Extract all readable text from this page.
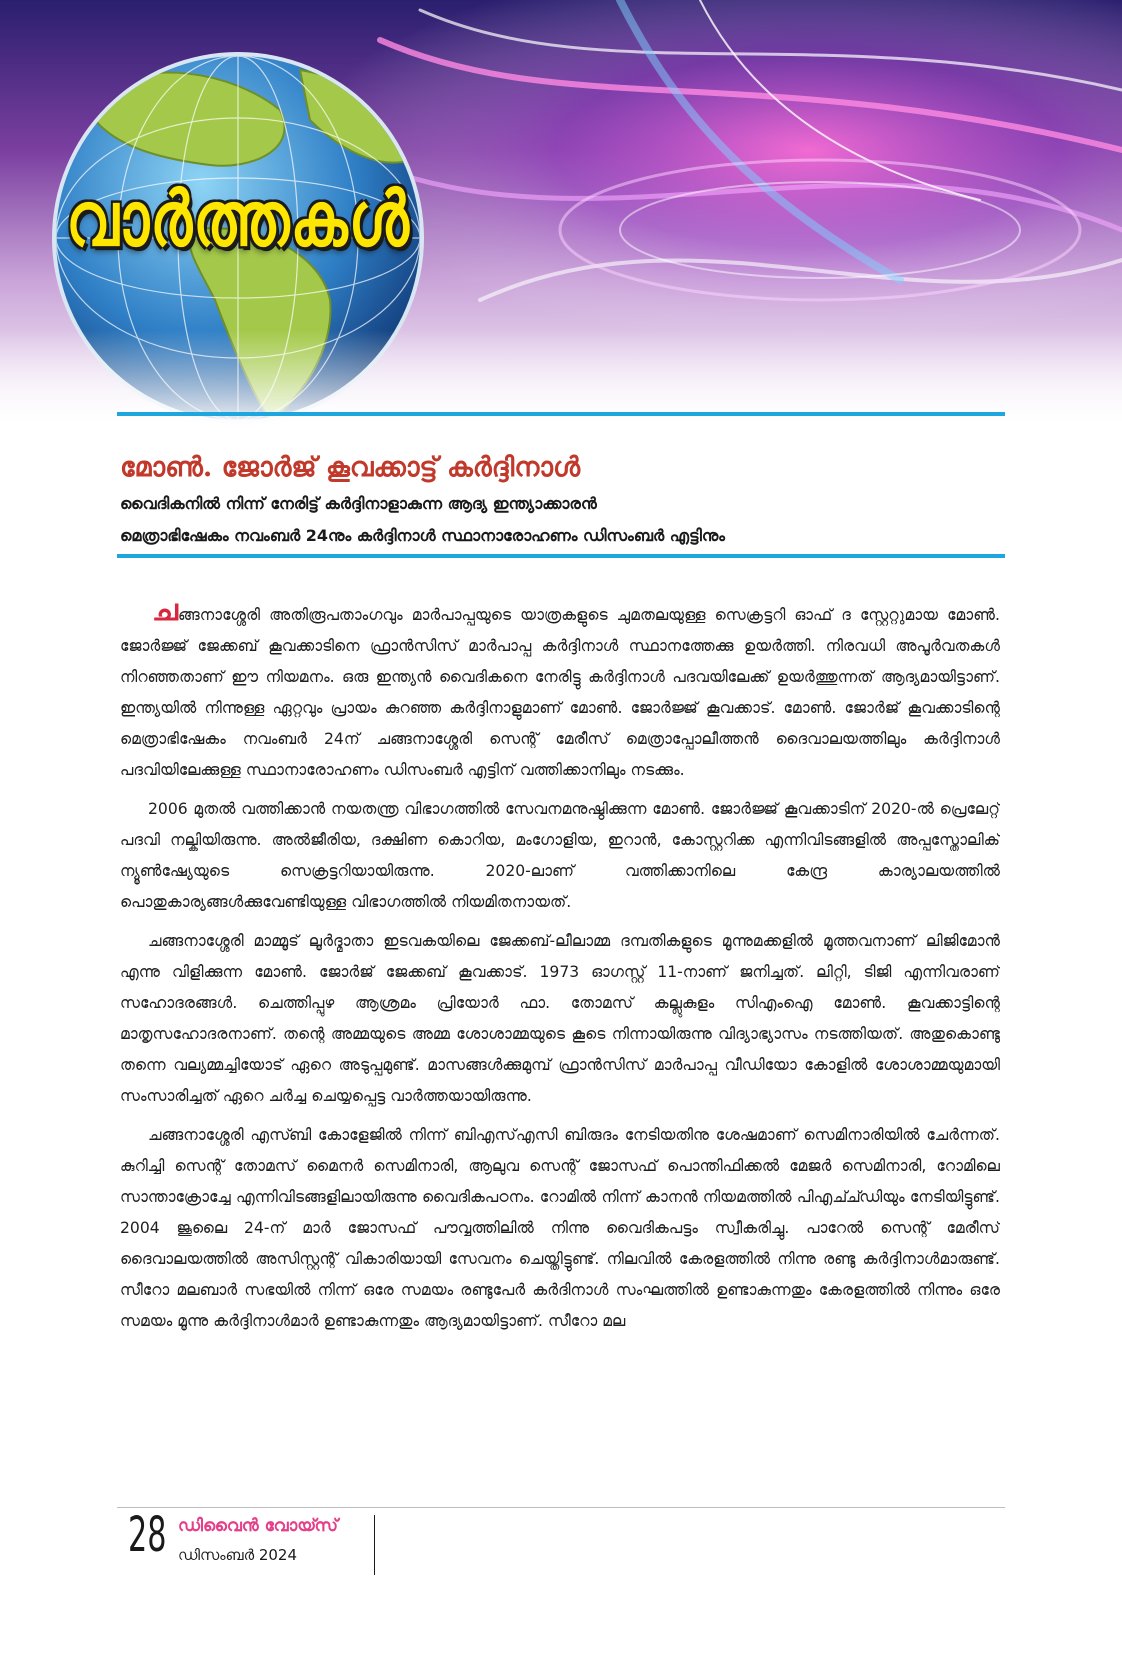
വാർത്തകൾ
മോൺ. ജോർജ് കൂവക്കാട്ട് കർദ്ദിനാൾ
വൈദികനിൽ നിന്ന് നേരിട്ട് കർദ്ദിനാളാകുന്ന ആദ്യ ഇന്ത്യാക്കാരൻ
മെത്രാഭിഷേകം നവംബർ 24നും കർദ്ദിനാൾ സ്ഥാനാരോഹണം ഡിസംബർ എട്ടിനും

ചങ്ങനാശ്ശേരി അതിരൂപതാംഗവും മാർപാപ്പയുടെ യാത്രകളുടെ ചുമതലയുള്ള സെക്രട്ടറി ഓഫ് ദ സ്റ്റേറ്റുമായ മോൺ. ജോർജ്ജ് ജേക്കബ് കൂവക്കാടിനെ ഫ്രാൻസിസ് മാർപാപ്പ കർദ്ദിനാൾ സ്ഥാനത്തേക്കു ഉയർത്തി. നിരവധി അപൂർവതകൾ നിറഞ്ഞതാണ് ഈ നിയമനം. ഒരു ഇന്ത്യൻ വൈദികനെ നേരിട്ടു കർദ്ദിനാൾ പദവയിലേക്ക് ഉയർത്തുന്നത് ആദ്യമായിട്ടാണ്. ഇന്ത്യയിൽ നിന്നുള്ള ഏറ്റവും പ്രായം കുറഞ്ഞ കർദ്ദിനാളുമാണ് മോൺ. ജോർജ്ജ് കൂവക്കാട്. മോൺ. ജോർജ് കൂവക്കാടിന്റെ മെത്രാഭിഷേകം നവംബർ 24ന് ചങ്ങനാശ്ശേരി സെന്റ് മേരീസ് മെത്രാപ്പോലീത്തൻ ദൈവാലയത്തിലും കർദ്ദിനാൾ പദവിയിലേക്കുള്ള സ്ഥാനാരോഹണം ഡിസംബർ എട്ടിന് വത്തിക്കാനിലും നടക്കും.

2006 മുതൽ വത്തിക്കാൻ നയതന്ത്ര വിഭാഗത്തിൽ സേവനമനുഷ്ഠിക്കുന്ന മോൺ. ജോർജ്ജ് കൂവക്കാടിന് 2020-ൽ പ്രെലേറ്റ് പദവി നല്കിയിരുന്നു. അൽജീരിയ, ദക്ഷിണ കൊറിയ, മംഗോളിയ, ഇറാൻ, കോസ്റ്ററിക്ക എന്നിവിടങ്ങളിൽ അപ്പസ്തോലിക് ന്യൂൺഷ്യേയുടെ സെക്രട്ടറിയായിരുന്നു. 2020-ലാണ് വത്തിക്കാനിലെ കേന്ദ്ര കാര്യാലയത്തിൽ പൊതുകാര്യങ്ങൾക്കുവേണ്ടിയുള്ള വിഭാഗത്തിൽ നിയമിതനായത്.

ചങ്ങനാശ്ശേരി മാമ്മൂട് ലൂർദ്മാതാ ഇടവകയിലെ ജേക്കബ്-ലീലാമ്മ ദമ്പതികളുടെ മൂന്നുമക്കളിൽ മൂത്തവനാണ് ലിജിമോൻ എന്നു വിളിക്കുന്ന മോൺ. ജോർജ് ജേക്കബ് കൂവക്കാട്. 1973 ഓഗസ്റ്റ് 11-നാണ് ജനിച്ചത്. ലിറ്റി, ടിജി എന്നിവരാണ് സഹോദരങ്ങൾ. ചെത്തിപ്പുഴ ആശ്രമം പ്രിയോർ ഫാ. തോമസ് കല്ലുകുളം സിഎംഐ മോൺ. കൂവക്കാട്ടിന്റെ മാതൃസഹോദരനാണ്. തന്റെ അമ്മയുടെ അമ്മ ശോശാമ്മയുടെ കൂടെ നിന്നായിരുന്നു വിദ്യാഭ്യാസം നടത്തിയത്. അതുകൊണ്ടു തന്നെ വല്യമ്മച്ചിയോട് ഏറെ അടുപ്പമുണ്ട്. മാസങ്ങൾക്കുമുമ്പ് ഫ്രാൻസിസ് മാർപാപ്പ വീഡിയോ കോളിൽ ശോശാമ്മയുമായി സംസാരിച്ചത് ഏറെ ചർച്ച ചെയ്യപ്പെട്ട വാർത്തയായിരുന്നു.

ചങ്ങനാശ്ശേരി എസ്ബി കോളേജിൽ നിന്ന് ബിഎസ്എസി ബിരുദം നേടിയതിനു ശേഷമാണ് സെമിനാരിയിൽ ചേർന്നത്. കുറിച്ചി സെന്റ് തോമസ് മൈനർ സെമിനാരി, ആലുവ സെന്റ് ജോസഫ് പൊന്തിഫിക്കൽ മേജർ സെമിനാരി, റോമിലെ സാന്താക്രോച്ചേ എന്നിവിടങ്ങളിലായിരുന്നു വൈദികപഠനം. റോമിൽ നിന്ന് കാനൻ നിയമത്തിൽ പിഎച്ച്ഡിയും നേടിയിട്ടുണ്ട്. 2004 ജൂലൈ 24-ന് മാർ ജോസഫ് പൗവ്വത്തിലിൽ നിന്നു വൈദികപട്ടം സ്വീകരിച്ചു. പാറേൽ സെന്റ് മേരീസ് ദൈവാലയത്തിൽ അസിസ്റ്റന്റ് വികാരിയായി സേവനം ചെയ്തിട്ടുണ്ട്. നിലവിൽ കേരളത്തിൽ നിന്നു രണ്ടു കർദ്ദിനാൾമാരുണ്ട്. സീറോ മലബാർ സഭയിൽ നിന്ന് ഒരേ സമയം രണ്ടുപേർ കർദിനാൾ സംഘത്തിൽ ഉണ്ടാകുന്നതും കേരളത്തിൽ നിന്നും ഒരേ സമയം മൂന്നു കർദ്ദിനാൾമാർ ഉണ്ടാകുന്നതും ആദ്യമായിട്ടാണ്. സീറോ മല

28 ഡിവൈൻ വോയ്സ്
ഡിസംബർ 2024
